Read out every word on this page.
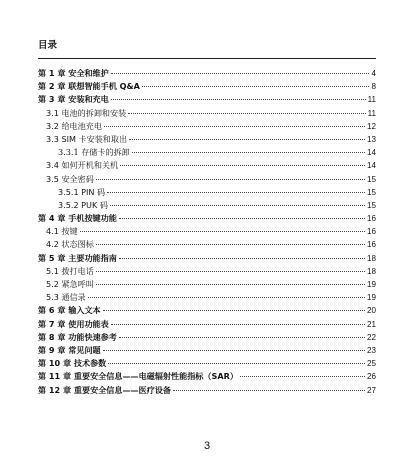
目录
第 1 章 安全和维护	4
第 2 章 联想智能手机 Q&A	8
第 3 章 安装和充电	11
3.1 电池的拆卸和安装	11
3.2 给电池充电	12
3.3 SIM 卡安装和取出	13
3.3.1 存储卡的拆卸	14
3.4 如何开机和关机	14
3.5 安全密码	15
3.5.1 PIN 码	15
3.5.2 PUK 码	15
第 4 章 手机按键功能	16
4.1 按键	16
4.2 状态图标	16
第 5 章 主要功能指南	18
5.1 拨打电话	18
5.2 紧急呼叫	19
5.3 通信录	19
第 6 章 输入文本	20
第 7 章 使用功能表	21
第 8 章 功能快速参考	22
第 9 章 常见问题	23
第 10 章 技术参数	25
第 11 章 重要安全信息——电磁辐射性能指标（SAR）	26
第 12 章 重要安全信息——医疗设备	27
3
